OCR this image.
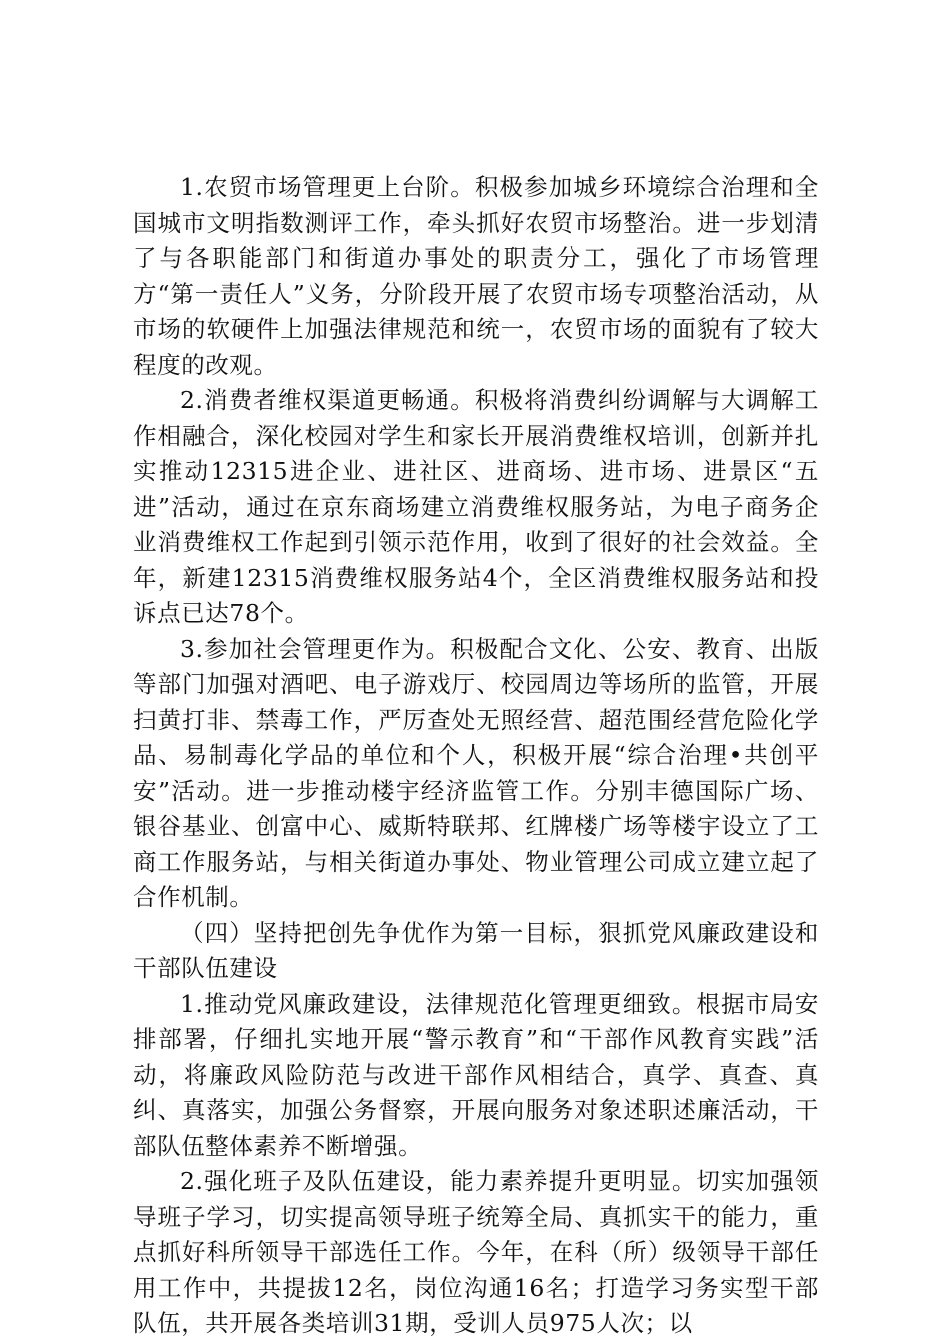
1.农贸市场管理更上台阶。积极参加城乡环境综合治理和全国城市文明指数测评工作，牵头抓好农贸市场整治。进一步划清了与各职能部门和街道办事处的职责分工，强化了市场管理方“第一责任人”义务，分阶段开展了农贸市场专项整治活动，从市场的软硬件上加强法律规范和统一，农贸市场的面貌有了较大程度的改观。

2.消费者维权渠道更畅通。积极将消费纠纷调解与大调解工作相融合，深化校园对学生和家长开展消费维权培训，创新并扎实推动12315进企业、进社区、进商场、进市场、进景区“五进”活动，通过在京东商场建立消费维权服务站，为电子商务企业消费维权工作起到引领示范作用，收到了很好的社会效益。全年，新建12315消费维权服务站4个，全区消费维权服务站和投诉点已达78个。

3.参加社会管理更作为。积极配合文化、公安、教育、出版等部门加强对酒吧、电子游戏厅、校园周边等场所的监管，开展扫黄打非、禁毒工作，严厉查处无照经营、超范围经营危险化学品、易制毒化学品的单位和个人，积极开展“综合治理•共创平安”活动。进一步推动楼宇经济监管工作。分别丰德国际广场、银谷基业、创富中心、威斯特联邦、红牌楼广场等楼宇设立了工商工作服务站，与相关街道办事处、物业管理公司成立建立起了合作机制。

（四）坚持把创先争优作为第一目标，狠抓党风廉政建设和干部队伍建设

1.推动党风廉政建设，法律规范化管理更细致。根据市局安排部署，仔细扎实地开展“警示教育”和“干部作风教育实践”活动，将廉政风险防范与改进干部作风相结合，真学、真查、真纠、真落实，加强公务督察，开展向服务对象述职述廉活动，干部队伍整体素养不断增强。

2.强化班子及队伍建设，能力素养提升更明显。切实加强领导班子学习，切实提高领导班子统筹全局、真抓实干的能力，重点抓好科所领导干部选任工作。今年，在科（所）级领导干部任用工作中，共提拔12名，岗位沟通16名；打造学习务实型干部队伍，共开展各类培训31期，受训人员975人次；以
